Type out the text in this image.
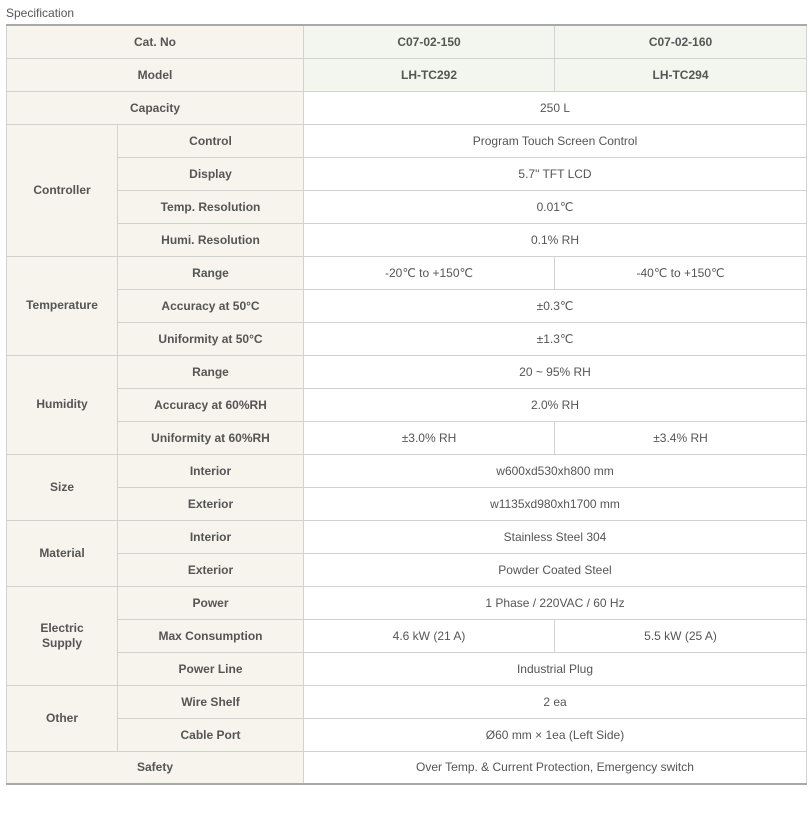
Specification
Cat. No		C07-02-150	C07-02-160
Model		LH-TC292	LH-TC294
Capacity		250 L	
Controller	Control	Program Touch Screen Control	
	Display	5.7" TFT LCD	
	Temp. Resolution	0.01℃	
	Humi. Resolution	0.1% RH	
Temperature	Range	-20℃ to +150℃	-40℃ to +150℃
	Accuracy at 50°C	±0.3℃	
	Uniformity at 50°C	±1.3℃	
Humidity	Range	20 ~ 95% RH	
	Accuracy at 60%RH	2.0% RH	
	Uniformity at 60%RH	±3.0% RH	±3.4% RH
Size	Interior	w600xd530xh800 mm	
	Exterior	w1135xd980xh1700 mm	
Material	Interior	Stainless Steel 304	
	Exterior	Powder Coated Steel	
Electric
Supply	Power	1 Phase / 220VAC / 60 Hz	
	Max Consumption	4.6 kW (21 A)	5.5 kW (25 A)
	Power Line	Industrial Plug	
Other	Wire Shelf	2 ea	
	Cable Port	Ø60 mm × 1ea (Left Side)	
Safety		Over Temp. & Current Protection, Emergency switch	
